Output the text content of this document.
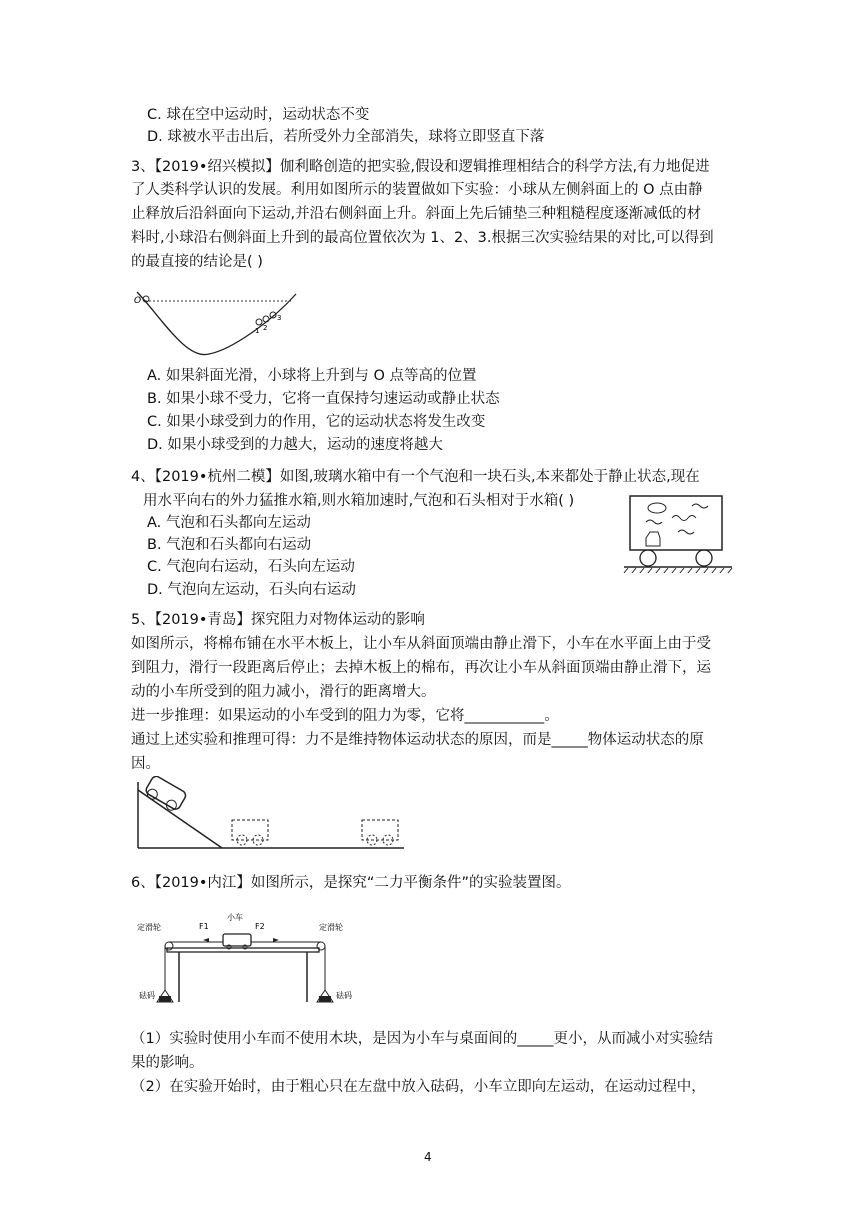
C. 球在空中运动时，运动状态不变
D. 球被水平击出后，若所受外力全部消失，球将立即竖直下落
3、【2019•绍兴模拟】伽利略创造的把实验,假设和逻辑推理相结合的科学方法,有力地促进
了人类科学认识的发展。利用如图所示的装置做如下实验：小球从左侧斜面上的 O 点由静
止释放后沿斜面向下运动,并沿右侧斜面上升。斜面上先后铺垫三种粗糙程度逐渐减低的材
料时,小球沿右侧斜面上升到的最高位置依次为 1、2、3.根据三次实验结果的对比,可以得到
的最直接的结论是( )
O
1 2
3
A. 如果斜面光滑，小球将上升到与 O 点等高的位置
B. 如果小球不受力，它将一直保持匀速运动或静止状态
C. 如果小球受到力的作用，它的运动状态将发生改变
D. 如果小球受到的力越大，运动的速度将越大
4、【2019•杭州二模】如图,玻璃水箱中有一个气泡和一块石头,本来都处于静止状态,现在
用水平向右的外力猛推水箱,则水箱加速时,气泡和石头相对于水箱( )
A. 气泡和石头都向左运动
B. 气泡和石头都向右运动
C. 气泡向右运动，石头向左运动
D. 气泡向左运动，石头向右运动
5、【2019•青岛】探究阻力对物体运动的影响
如图所示，将棉布铺在水平木板上，让小车从斜面顶端由静止滑下，小车在水平面上由于受
到阻力，滑行一段距离后停止；去掉木板上的棉布，再次让小车从斜面顶端由静止滑下，运
动的小车所受到的阻力减小，滑行的距离增大。
进一步推理：如果运动的小车受到的阻力为零，它将___________。
通过上述实验和推理可得：力不是维持物体运动状态的原因，而是_____物体运动状态的原
因。
6、【2019•内江】如图所示，是探究“二力平衡条件”的实验装置图。
定滑轮	定滑轮
小车
F1	F2
砝码	砝码
（1）实验时使用小车而不使用木块，是因为小车与桌面间的_____更小，从而减小对实验结
果的影响。
（2）在实验开始时，由于粗心只在左盘中放入砝码，小车立即向左运动，在运动过程中，
4
